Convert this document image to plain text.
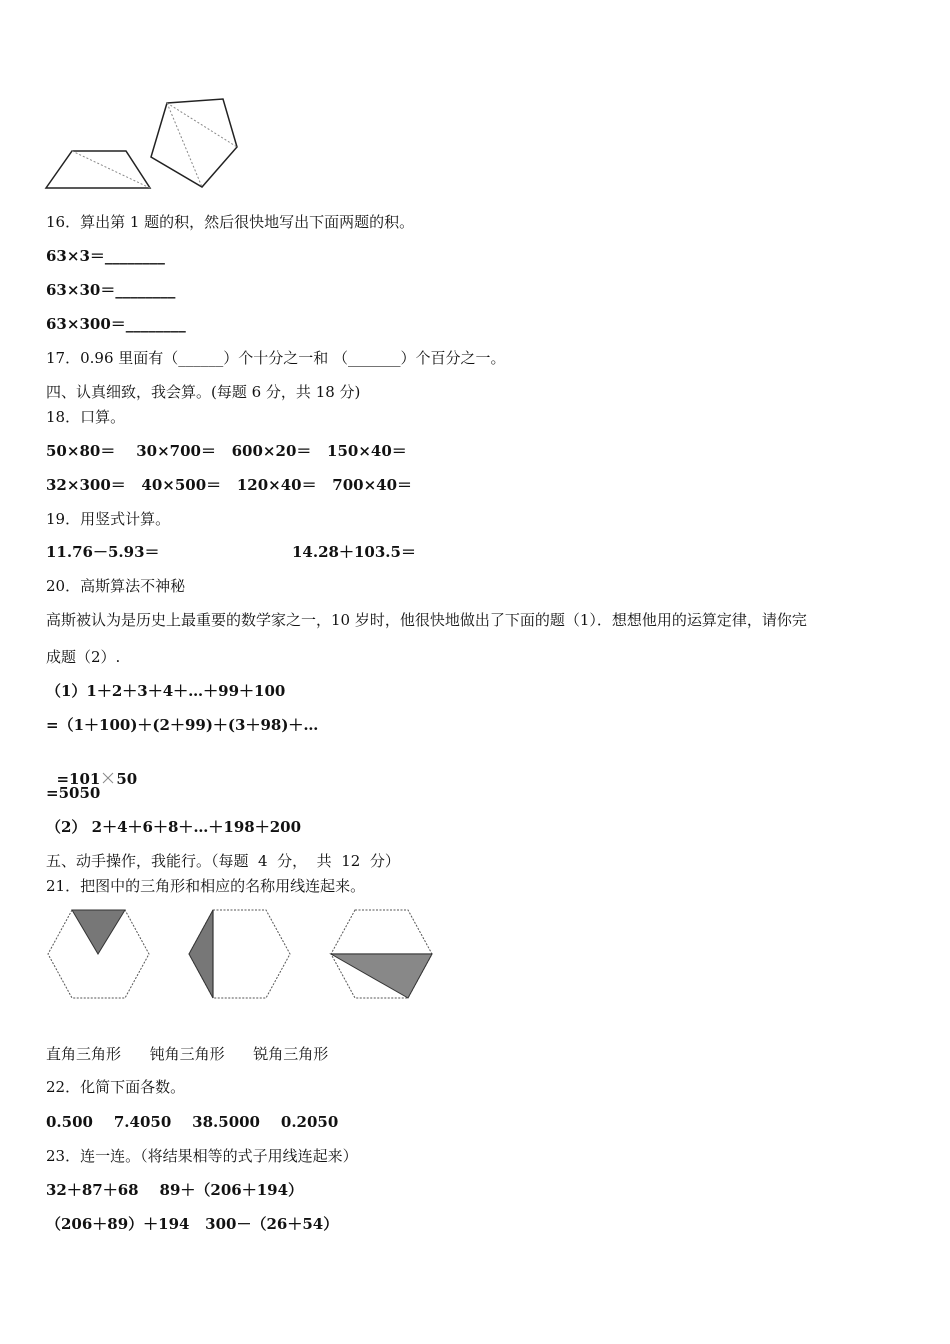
16．算出第 1 题的积，然后很快地写出下面两题的积。
63×3＝________
63×30＝________
63×300＝________
17．0.96 里面有（______）个十分之一和 （_______）个百分之一。
四、认真细致，我会算。(每题 6 分，共 18 分)
18．口算。
50×80＝    30×700＝   600×20＝   150×40＝
32×300＝   40×500＝   120×40＝   700×40＝
19．用竖式计算。
11.76－5.93＝	14.28＋103.5＝
20．高斯算法不神秘
高斯被认为是历史上最重要的数学家之一，10 岁时，他很快地做出了下面的题（1）．想想他用的运算定律，请你完
成题（2）.
（1）1＋2＋3＋4＋…＋99＋100
=（1＋100)＋(2＋99)＋(3＋98)＋…

=101 50

=5050
（2） 2＋4＋6＋8＋…＋198＋200
五、动手操作，我能行。（每题  4  分，  共  12  分）
21．把图中的三角形和相应的名称用线连起来。
直角三角形      钝角三角形      锐角三角形
22．化简下面各数。
0.500    7.4050    38.5000    0.2050
23．连一连。（将结果相等的式子用线连起来）
32＋87＋68    89＋（206＋194）
（206＋89）＋194   300－（26＋54）
